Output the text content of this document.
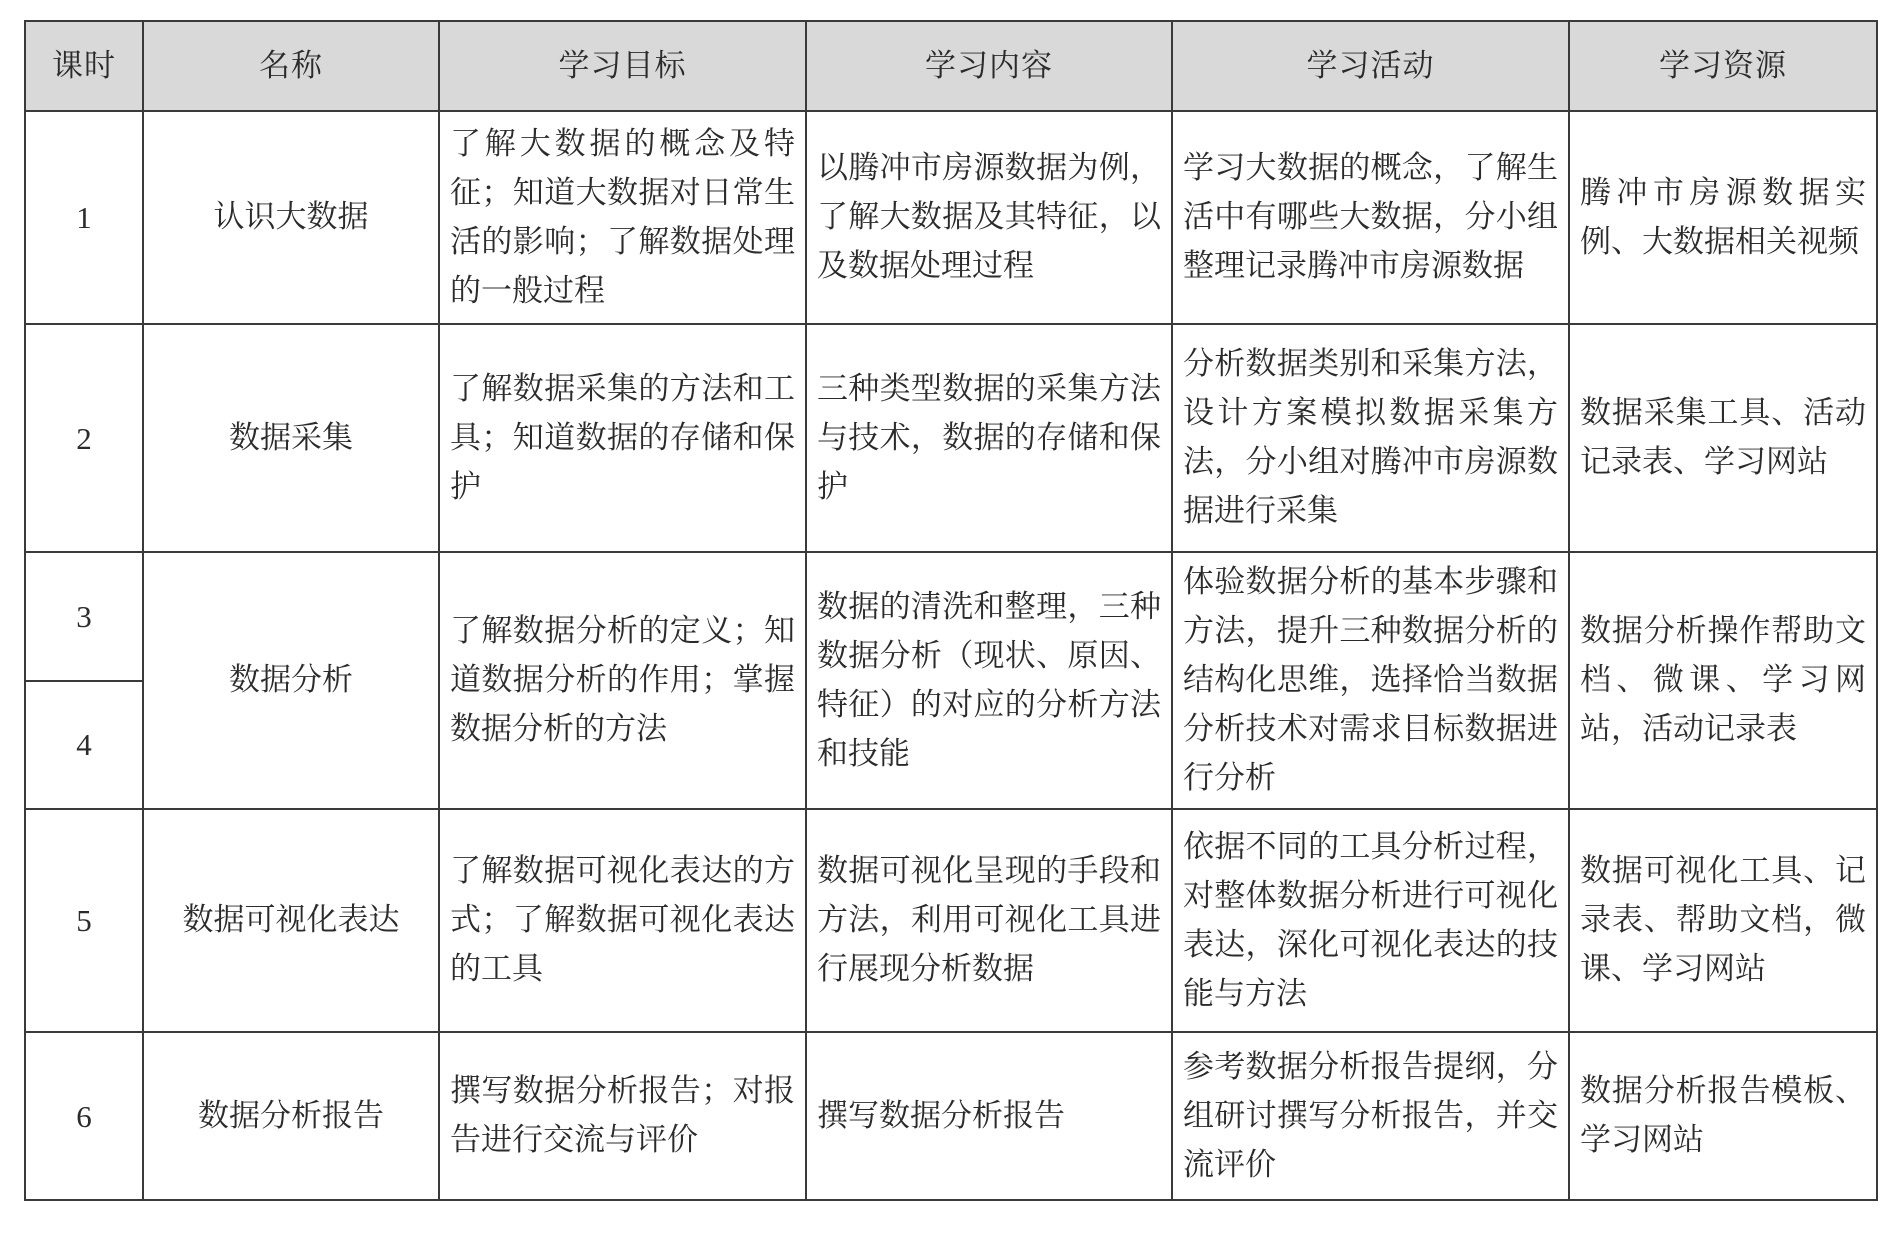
课时	名称	学习目标	学习内容	学习活动	学习资源
1	认识大数据	了解大数据的概念及特征；知道大数据对日常生活的影响；了解数据处理的一般过程	以腾冲市房源数据为例，了解大数据及其特征，以及数据处理过程	学习大数据的概念，了解生活中有哪些大数据，分小组整理记录腾冲市房源数据	腾冲市房源数据实例、大数据相关视频
2	数据采集	了解数据采集的方法和工具；知道数据的存储和保护	三种类型数据的采集方法与技术，数据的存储和保护	分析数据类别和采集方法，设计方案模拟数据采集方法，分小组对腾冲市房源数据进行采集	数据采集工具、活动记录表、学习网站
3	数据分析	了解数据分析的定义；知道数据分析的作用；掌握数据分析的方法	数据的清洗和整理，三种数据分析（现状、原因、特征）的对应的分析方法和技能	体验数据分析的基本步骤和方法，提升三种数据分析的结构化思维，选择恰当数据分析技术对需求目标数据进行分析	数据分析操作帮助文档、微课、学习网站，活动记录表
4					
5	数据可视化表达	了解数据可视化表达的方式；了解数据可视化表达的工具	数据可视化呈现的手段和方法，利用可视化工具进行展现分析数据	依据不同的工具分析过程，对整体数据分析进行可视化表达，深化可视化表达的技能与方法	数据可视化工具、记录表、帮助文档，微课、学习网站
6	数据分析报告	撰写数据分析报告；对报告进行交流与评价	撰写数据分析报告	参考数据分析报告提纲，分组研讨撰写分析报告，并交流评价	数据分析报告模板、学习网站
